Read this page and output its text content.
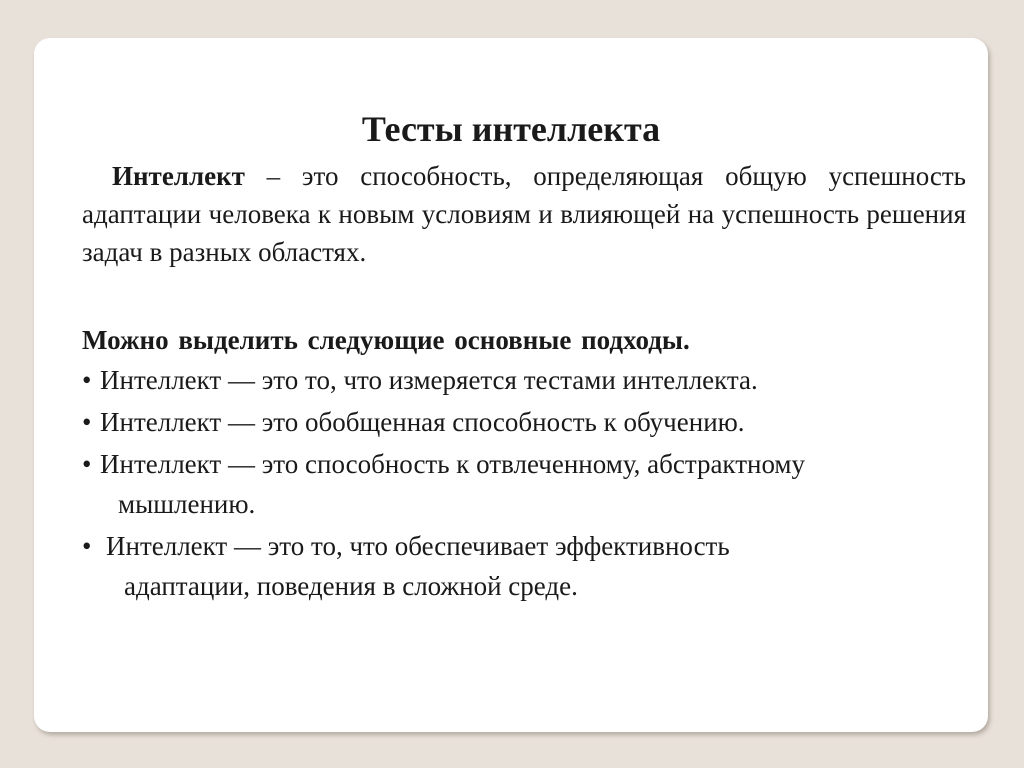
Тесты интеллекта

Интеллект – это способность, определяющая общую успешность адаптации человека к новым условиям и влияющей на успешность решения задач в разных областях.

Можно выделить следующие основные подходы.

• Интеллект — это то, что измеряется тестами интеллекта.
• Интеллект — это обобщенная способность к обучению.
• Интеллект — это способность к отвлеченному, абстрактному
мышлению.
• Интеллект — это то, что обеспечивает эффективность
адаптации, поведения в сложной среде.
